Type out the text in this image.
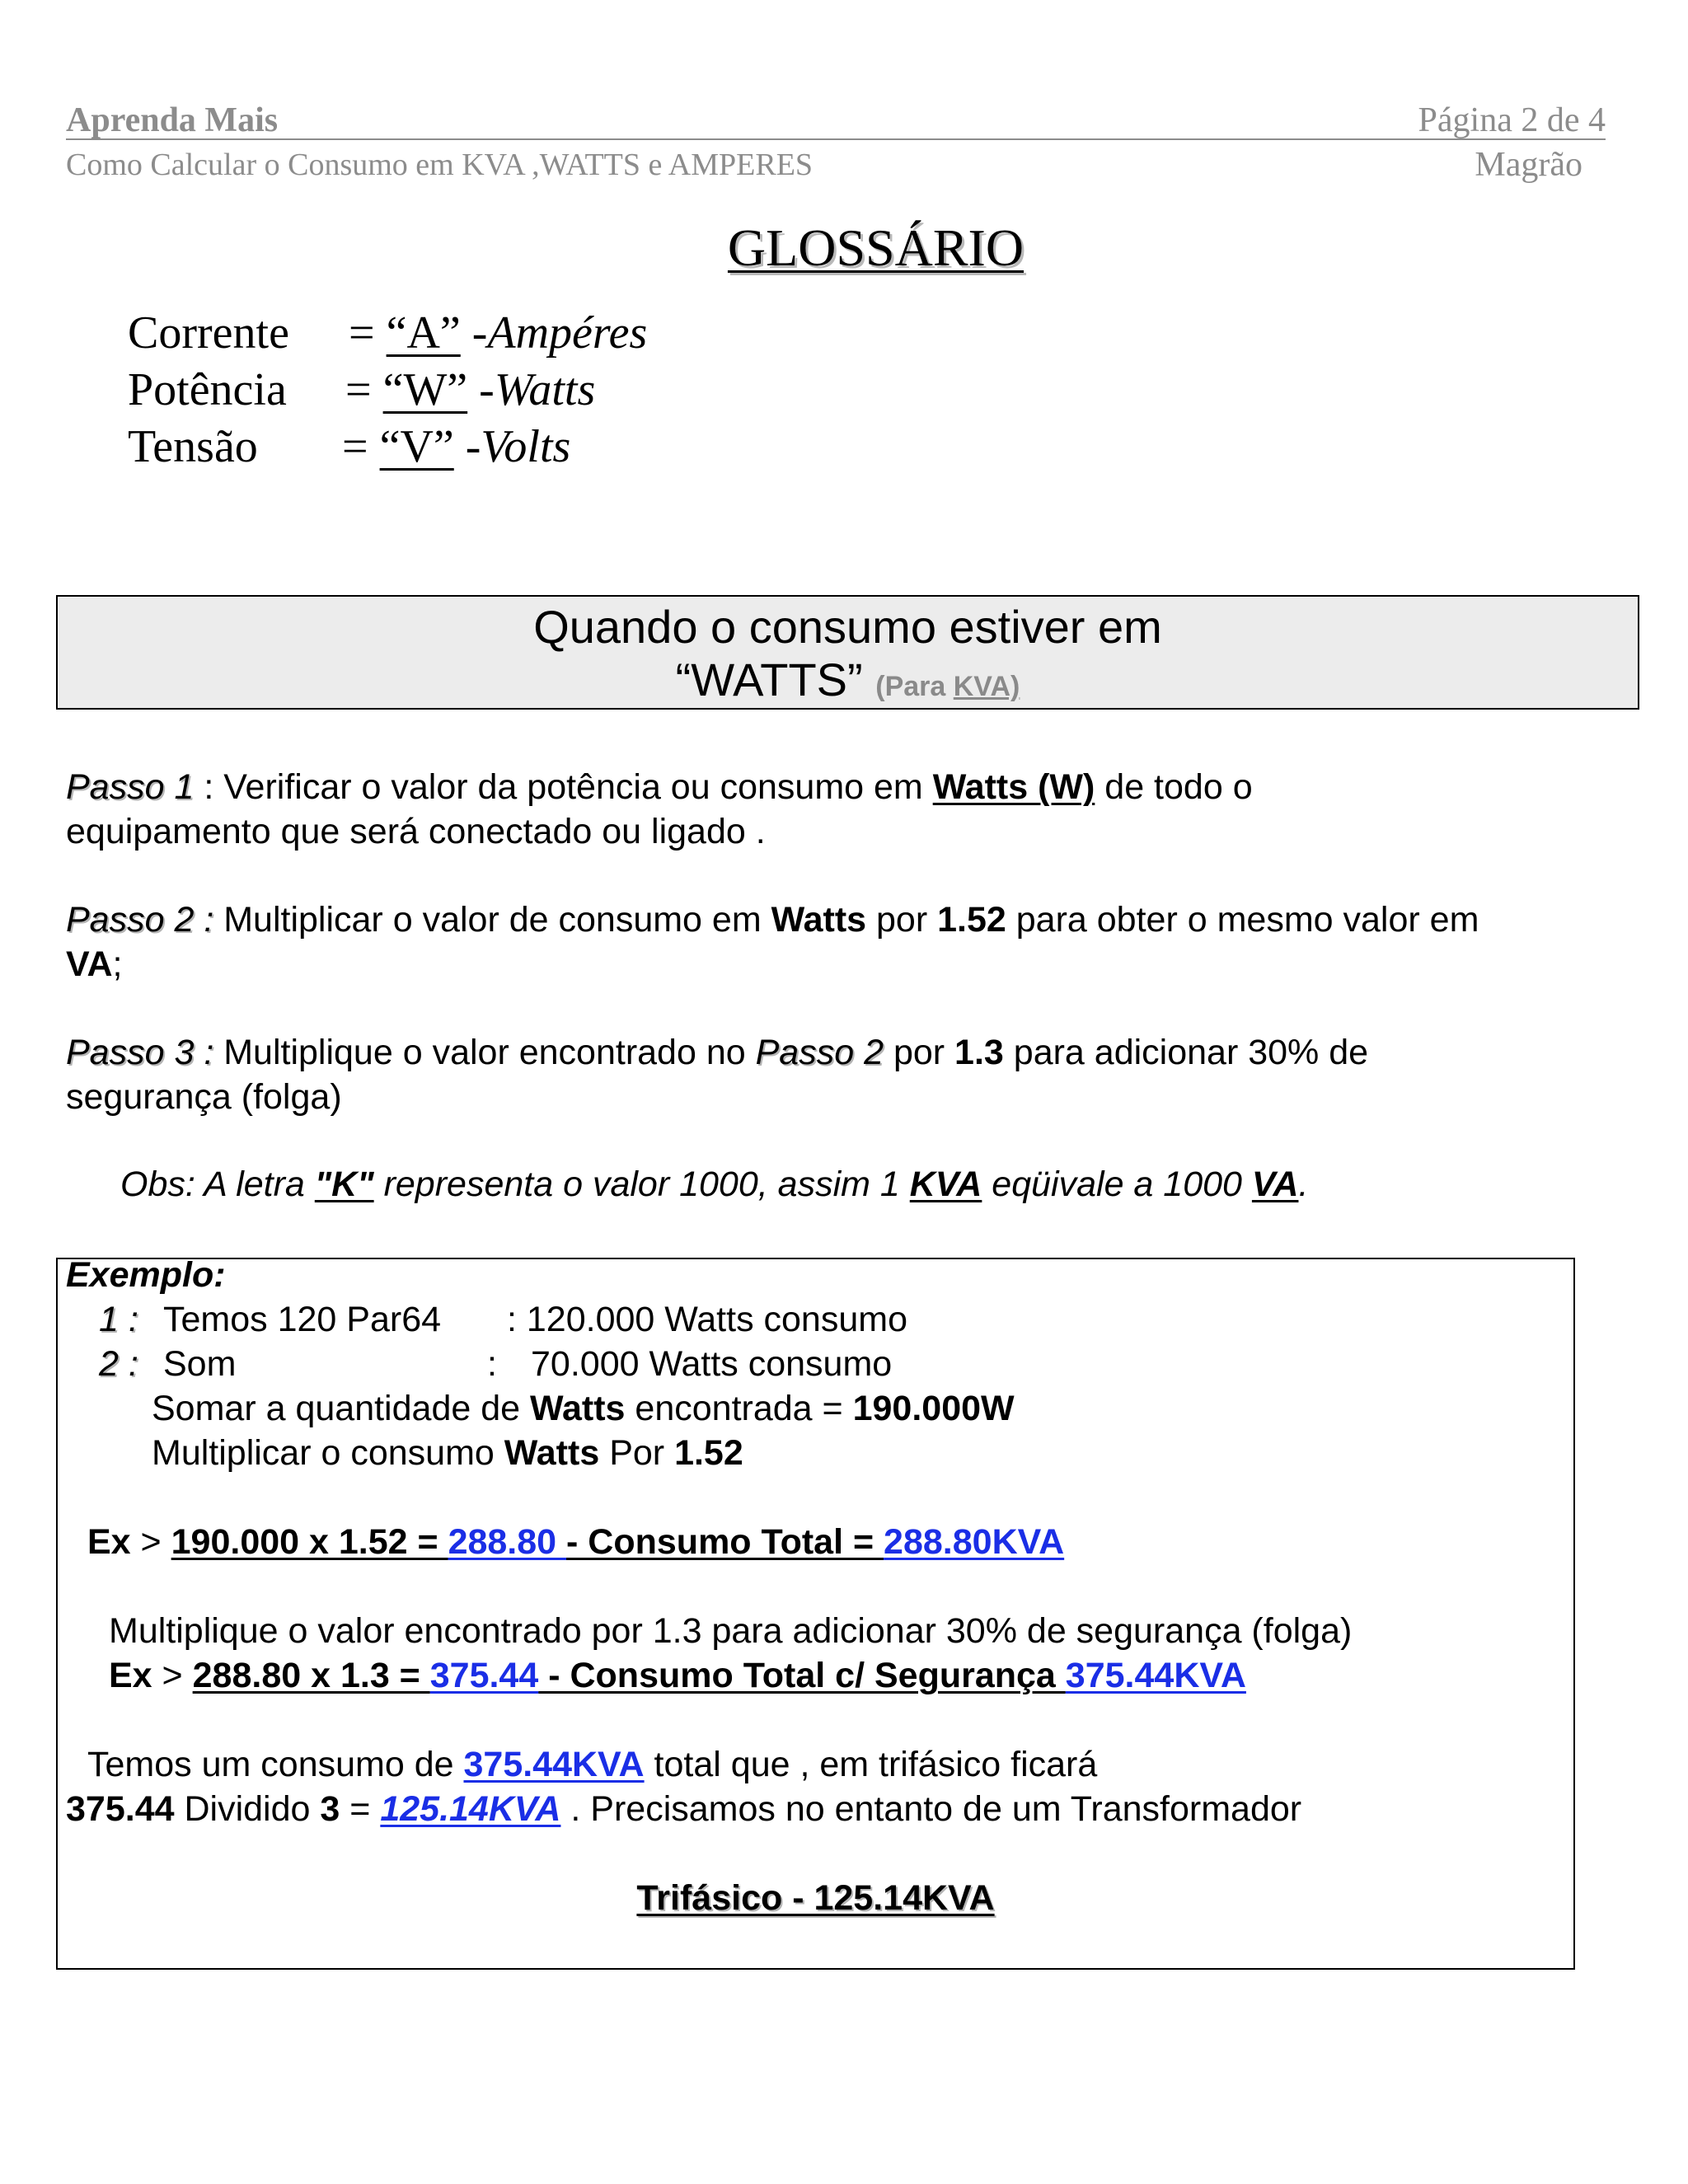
Aprenda Mais	Página 2 de 4
Como Calcular o Consumo em KVA ,WATTS e AMPERES	Magrão
GLOSSÁRIO
Corrente = “A” -Ampéres
Potência = “W” -Watts
Tensão = “V” -Volts
Quando o consumo estiver em
“WATTS” (Para KVA)
Passo 1 : Verificar o valor da potência ou consumo em Watts (W) de todo o
equipamento que será conectado ou ligado .
Passo 2 : Multiplicar o valor de consumo em Watts por 1.52 para obter o mesmo valor em
VA;
Passo 3 : Multiplique o valor encontrado no Passo 2 por 1.3 para adicionar 30% de
segurança (folga)
Obs: A letra "K" representa o valor 1000, assim 1 KVA eqüivale a 1000 VA.
Exemplo:
1 : Temos 120 Par64 : 120.000 Watts consumo
2 : Som	: 70.000 Watts consumo
Somar a quantidade de Watts encontrada = 190.000W
Multiplicar o consumo Watts Por 1.52
Ex > 190.000 x 1.52 = 288.80 - Consumo Total = 288.80KVA
Multiplique o valor encontrado por 1.3 para adicionar 30% de segurança (folga)
Ex > 288.80 x 1.3 = 375.44 - Consumo Total c/ Segurança 375.44KVA
Temos um consumo de 375.44KVA total que , em trifásico ficará
375.44 Dividido 3 = 125.14KVA . Precisamos no entanto de um Transformador
Trifásico - 125.14KVA
